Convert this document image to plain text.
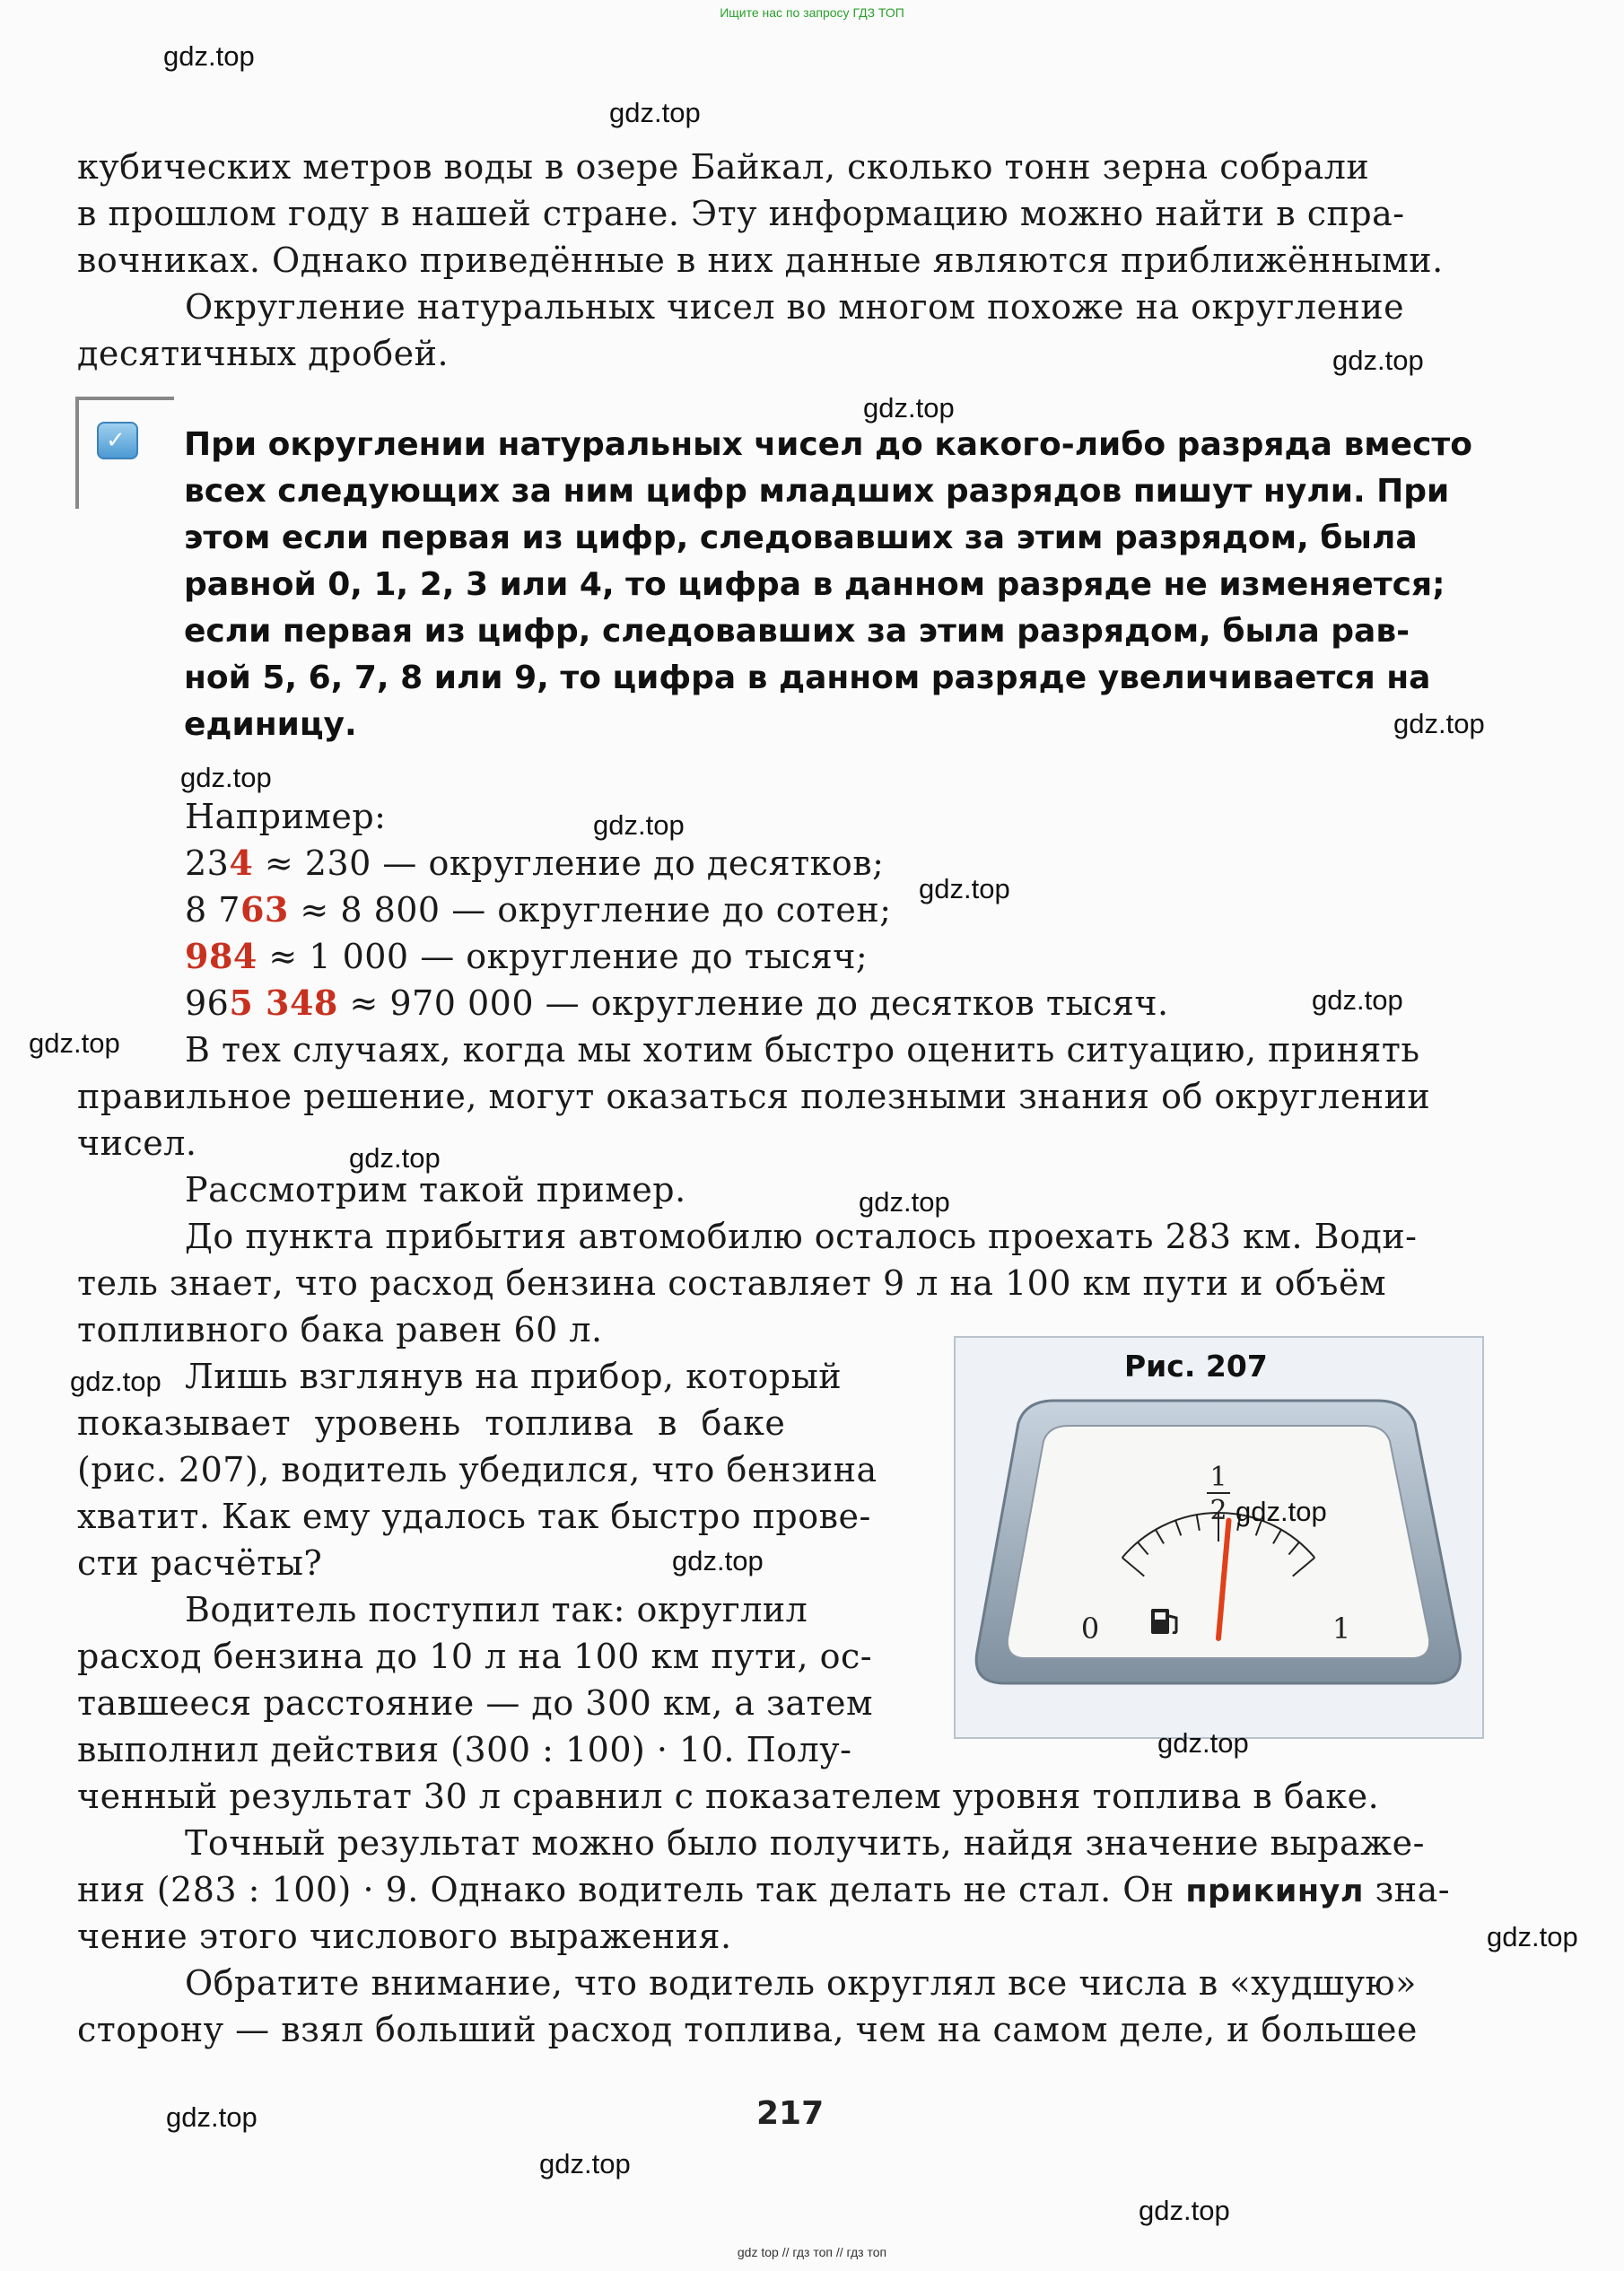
Ищите нас по запросу ГДЗ ТОП
кубических метров воды в озере Байкал, сколько тонн зерна собрали
в прошлом году в нашей стране. Эту информацию можно найти в спра-
вочниках. Однако приведённые в них данные являются приближёнными.
Округление натуральных чисел во многом похоже на округление
десятичных дробей.
✓ При округлении натуральных чисел до какого-либо разряда вместо
всех следующих за ним цифр младших разрядов пишут нули. При
этом если первая из цифр, следовавших за этим разрядом, была
равной 0, 1, 2, 3 или 4, то цифра в данном разряде не изменяется;
если первая из цифр, следовавших за этим разрядом, была рав-
ной 5, 6, 7, 8 или 9, то цифра в данном разряде увеличивается на
единицу.
Например:
234 ≈ 230 — округление до десятков;
8 763 ≈ 8 800 — округление до сотен;
984 ≈ 1 000 — округление до тысяч;
965 348 ≈ 970 000 — округление до десятков тысяч.
В тех случаях, когда мы хотим быстро оценить ситуацию, принять
правильное решение, могут оказаться полезными знания об округлении
чисел.
Рассмотрим такой пример.
До пункта прибытия автомобилю осталось проехать 283 км. Води-
тель знает, что расход бензина составляет 9 л на 100 км пути и объём
топливного бака равен 60 л.
Лишь взглянув на прибор, который
показывает уровень топлива в баке
(рис. 207), водитель убедился, что бензина
хватит. Как ему удалось так быстро прове-
сти расчёты?
Водитель поступил так: округлил
расход бензина до 10 л на 100 км пути, ос-
тавшееся расстояние — до 300 км, а затем
выполнил действия (300 : 100) · 10. Полу-
ченный результат 30 л сравнил с показателем уровня топлива в баке.
Точный результат можно было получить, найдя значение выраже-
ния (283 : 100) · 9. Однако водитель так делать не стал. Он прикинул зна-
чение этого числового выражения.
Обратите внимание, что водитель округлял все числа в «худшую»
сторону — взял больший расход топлива, чем на самом деле, и большее
1
2
0	1
Рис. 207
217
gdz.top
gdz.top
gdz.top
gdz.top
gdz.top
gdz.top
gdz.top
gdz.top
gdz.top
gdz.top
gdz.top
gdz.top
gdz.top
gdz.top
gdz.top
gdz.top
gdz.top
gdz.top
gdz.top
gdz.top
gdz top // гдз топ // гдз топ
